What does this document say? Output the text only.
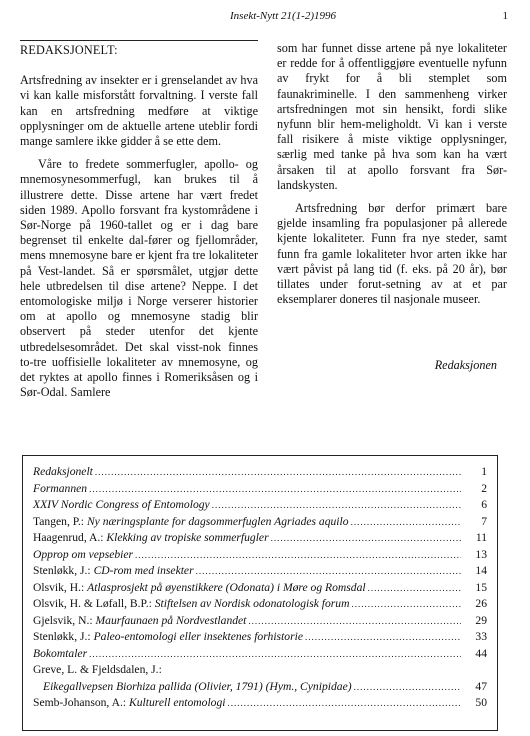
Insekt-Nytt 21(1-2)1996	1

REDAKSJONELT:

Artsfredning av insekter er i grenselandet av hva vi kan kalle misforstått forvaltning. I verste fall kan en artsfredning medføre at viktige opplysninger om de aktuelle artene uteblir fordi mange samlere ikke gidder å se ette dem.

Våre to fredete sommerfugler, apollo- og mnemosynesommerfugl, kan brukes til å illustrere dette. Disse artene har vært fredet siden 1989. Apollo forsvant fra kystområdene i Sør-Norge på 1960-tallet og er i dag bare begrenset til enkelte dal-fører og fjellområder, mens mnemosyne bare er kjent fra tre lokaliteter på Vest-landet. Så er spørsmålet, utgjør dette hele utbredelsen til dise artene? Neppe. I det entomologiske miljø i Norge verserer historier om at apollo og mnemosyne stadig blir observert på steder utenfor det kjente utbredelsesområdet. Det skal visst-nok finnes to-tre uoffisielle lokaliteter av mnemosyne, og det ryktes at apollo finnes i Romeriksåsen og i Sør-Odal. Samlere

som har funnet disse artene på nye lokaliteter er redde for å offentliggjøre eventuelle nyfunn av frykt for å bli stemplet som faunakriminelle. I den sammenheng virker artsfredningen mot sin hensikt, fordi slike nyfunn blir hem-meligholdt. Vi kan i verste fall risikere å miste viktige opplysninger, særlig med tanke på hva som kan ha vært årsaken til at apollo forsvant fra Sør-landskysten.

Artsfredning bør derfor primært bare gjelde insamling fra populasjoner på allerede kjente lokaliteter. Funn fra nye steder, samt funn fra gamle lokaliteter hvor arten ikke har vært påvist på lang tid (f. eks. på 20 år), bør tillates under forut-setning av at et par eksemplarer doneres til nasjonale museer.

Redaksjonen
Redaksjonelt .....	1
Formannen .....	2
XXIV Nordic Congress of Entomology .....	6
Tangen, P.: Ny næringsplante for dagsommerfuglen Agriades aquilo .....	7
Haagenrud, A.: Klekking av tropiske sommerfugler .....	11
Opprop om vepsebier .....	13
Stenløkk, J.: CD-rom med insekter .....	14
Olsvik, H.: Atlasprosjekt på øyenstikkere (Odonata) i Møre og Romsdal .....	15
Olsvik, H. & Løfall, B.P.: Stiftelsen av Nordisk odonatologisk forum .....	26
Gjelsvik, N.: Maurfaunaen på Nordvestlandet .....	29
Stenløkk, J.: Paleo-entomologi eller insektenes forhistorie .....	33
Bokomtaler .....	44
Greve, L. & Fjeldsdalen, J.:
Eikegallvepsen Biorhiza pallida (Olivier, 1791) (Hym., Cynipidae) .....	47
Semb-Johanson, A.: Kulturell entomologi .....	50
